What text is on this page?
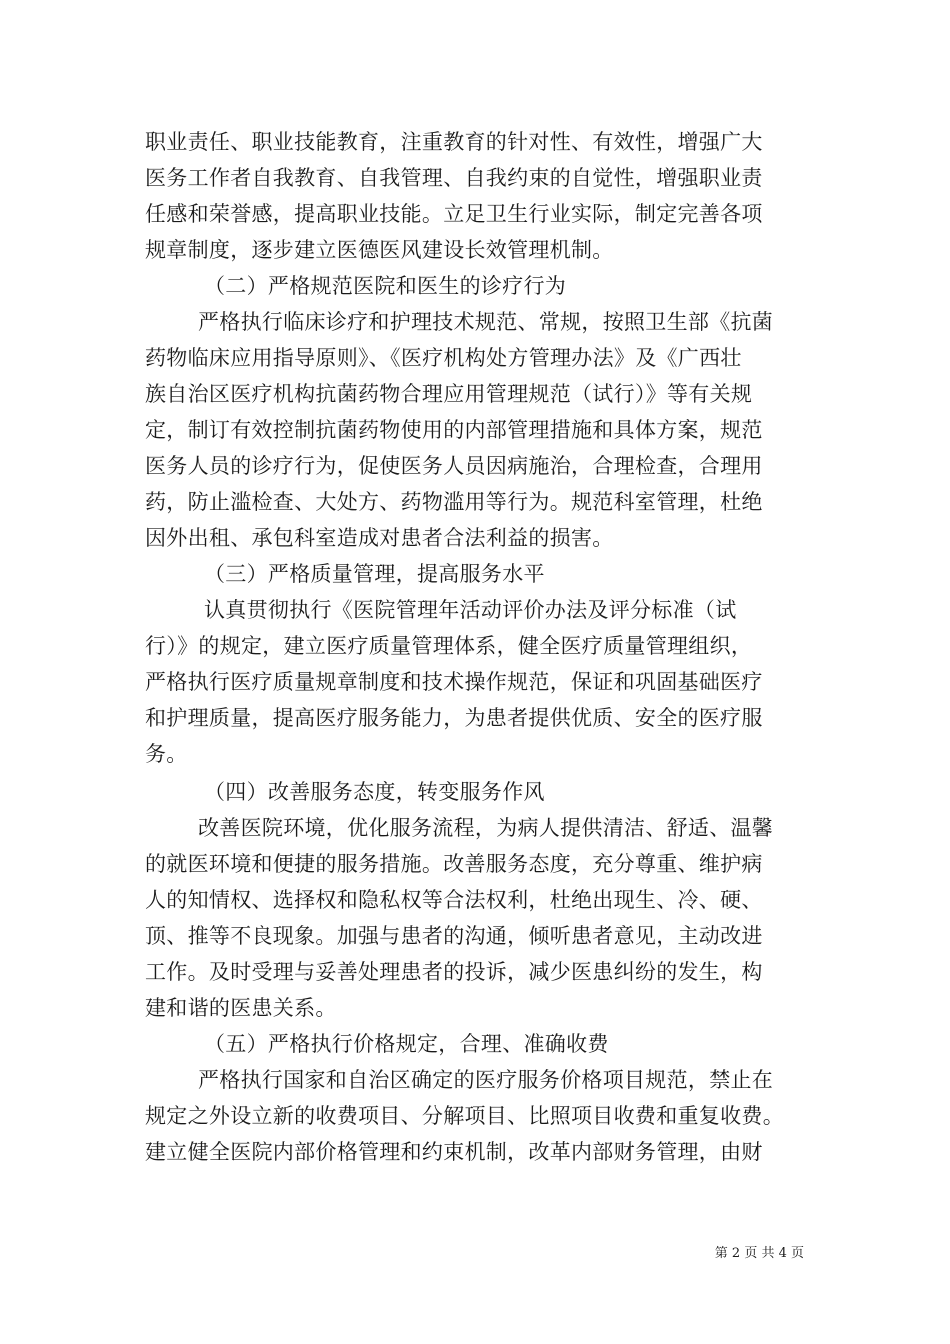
职业责任、职业技能教育，注重教育的针对性、有效性，增强广大
医务工作者自我教育、自我管理、自我约束的自觉性，增强职业责
任感和荣誉感，提高职业技能。立足卫生行业实际，制定完善各项
规章制度，逐步建立医德医风建设长效管理机制。
（二）严格规范医院和医生的诊疗行为
严格执行临床诊疗和护理技术规范、常规，按照卫生部《抗菌
药物临床应用指导原则》、《医疗机构处方管理办法》及《广西壮
族自治区医疗机构抗菌药物合理应用管理规范（试行）》等有关规
定，制订有效控制抗菌药物使用的内部管理措施和具体方案，规范
医务人员的诊疗行为，促使医务人员因病施治，合理检查，合理用
药，防止滥检查、大处方、药物滥用等行为。规范科室管理，杜绝
因外出租、承包科室造成对患者合法利益的损害。
（三）严格质量管理，提高服务水平
认真贯彻执行《医院管理年活动评价办法及评分标准（试
行）》的规定，建立医疗质量管理体系，健全医疗质量管理组织，
严格执行医疗质量规章制度和技术操作规范，保证和巩固基础医疗
和护理质量，提高医疗服务能力，为患者提供优质、安全的医疗服
务。
（四）改善服务态度，转变服务作风
改善医院环境，优化服务流程，为病人提供清洁、舒适、温馨
的就医环境和便捷的服务措施。改善服务态度，充分尊重、维护病
人的知情权、选择权和隐私权等合法权利，杜绝出现生、冷、硬、
顶、推等不良现象。加强与患者的沟通，倾听患者意见，主动改进
工作。及时受理与妥善处理患者的投诉，减少医患纠纷的发生，构
建和谐的医患关系。
（五）严格执行价格规定，合理、准确收费
严格执行国家和自治区确定的医疗服务价格项目规范，禁止在
规定之外设立新的收费项目、分解项目、比照项目收费和重复收费。
建立健全医院内部价格管理和约束机制，改革内部财务管理，由财
第 2 页 共 4 页
